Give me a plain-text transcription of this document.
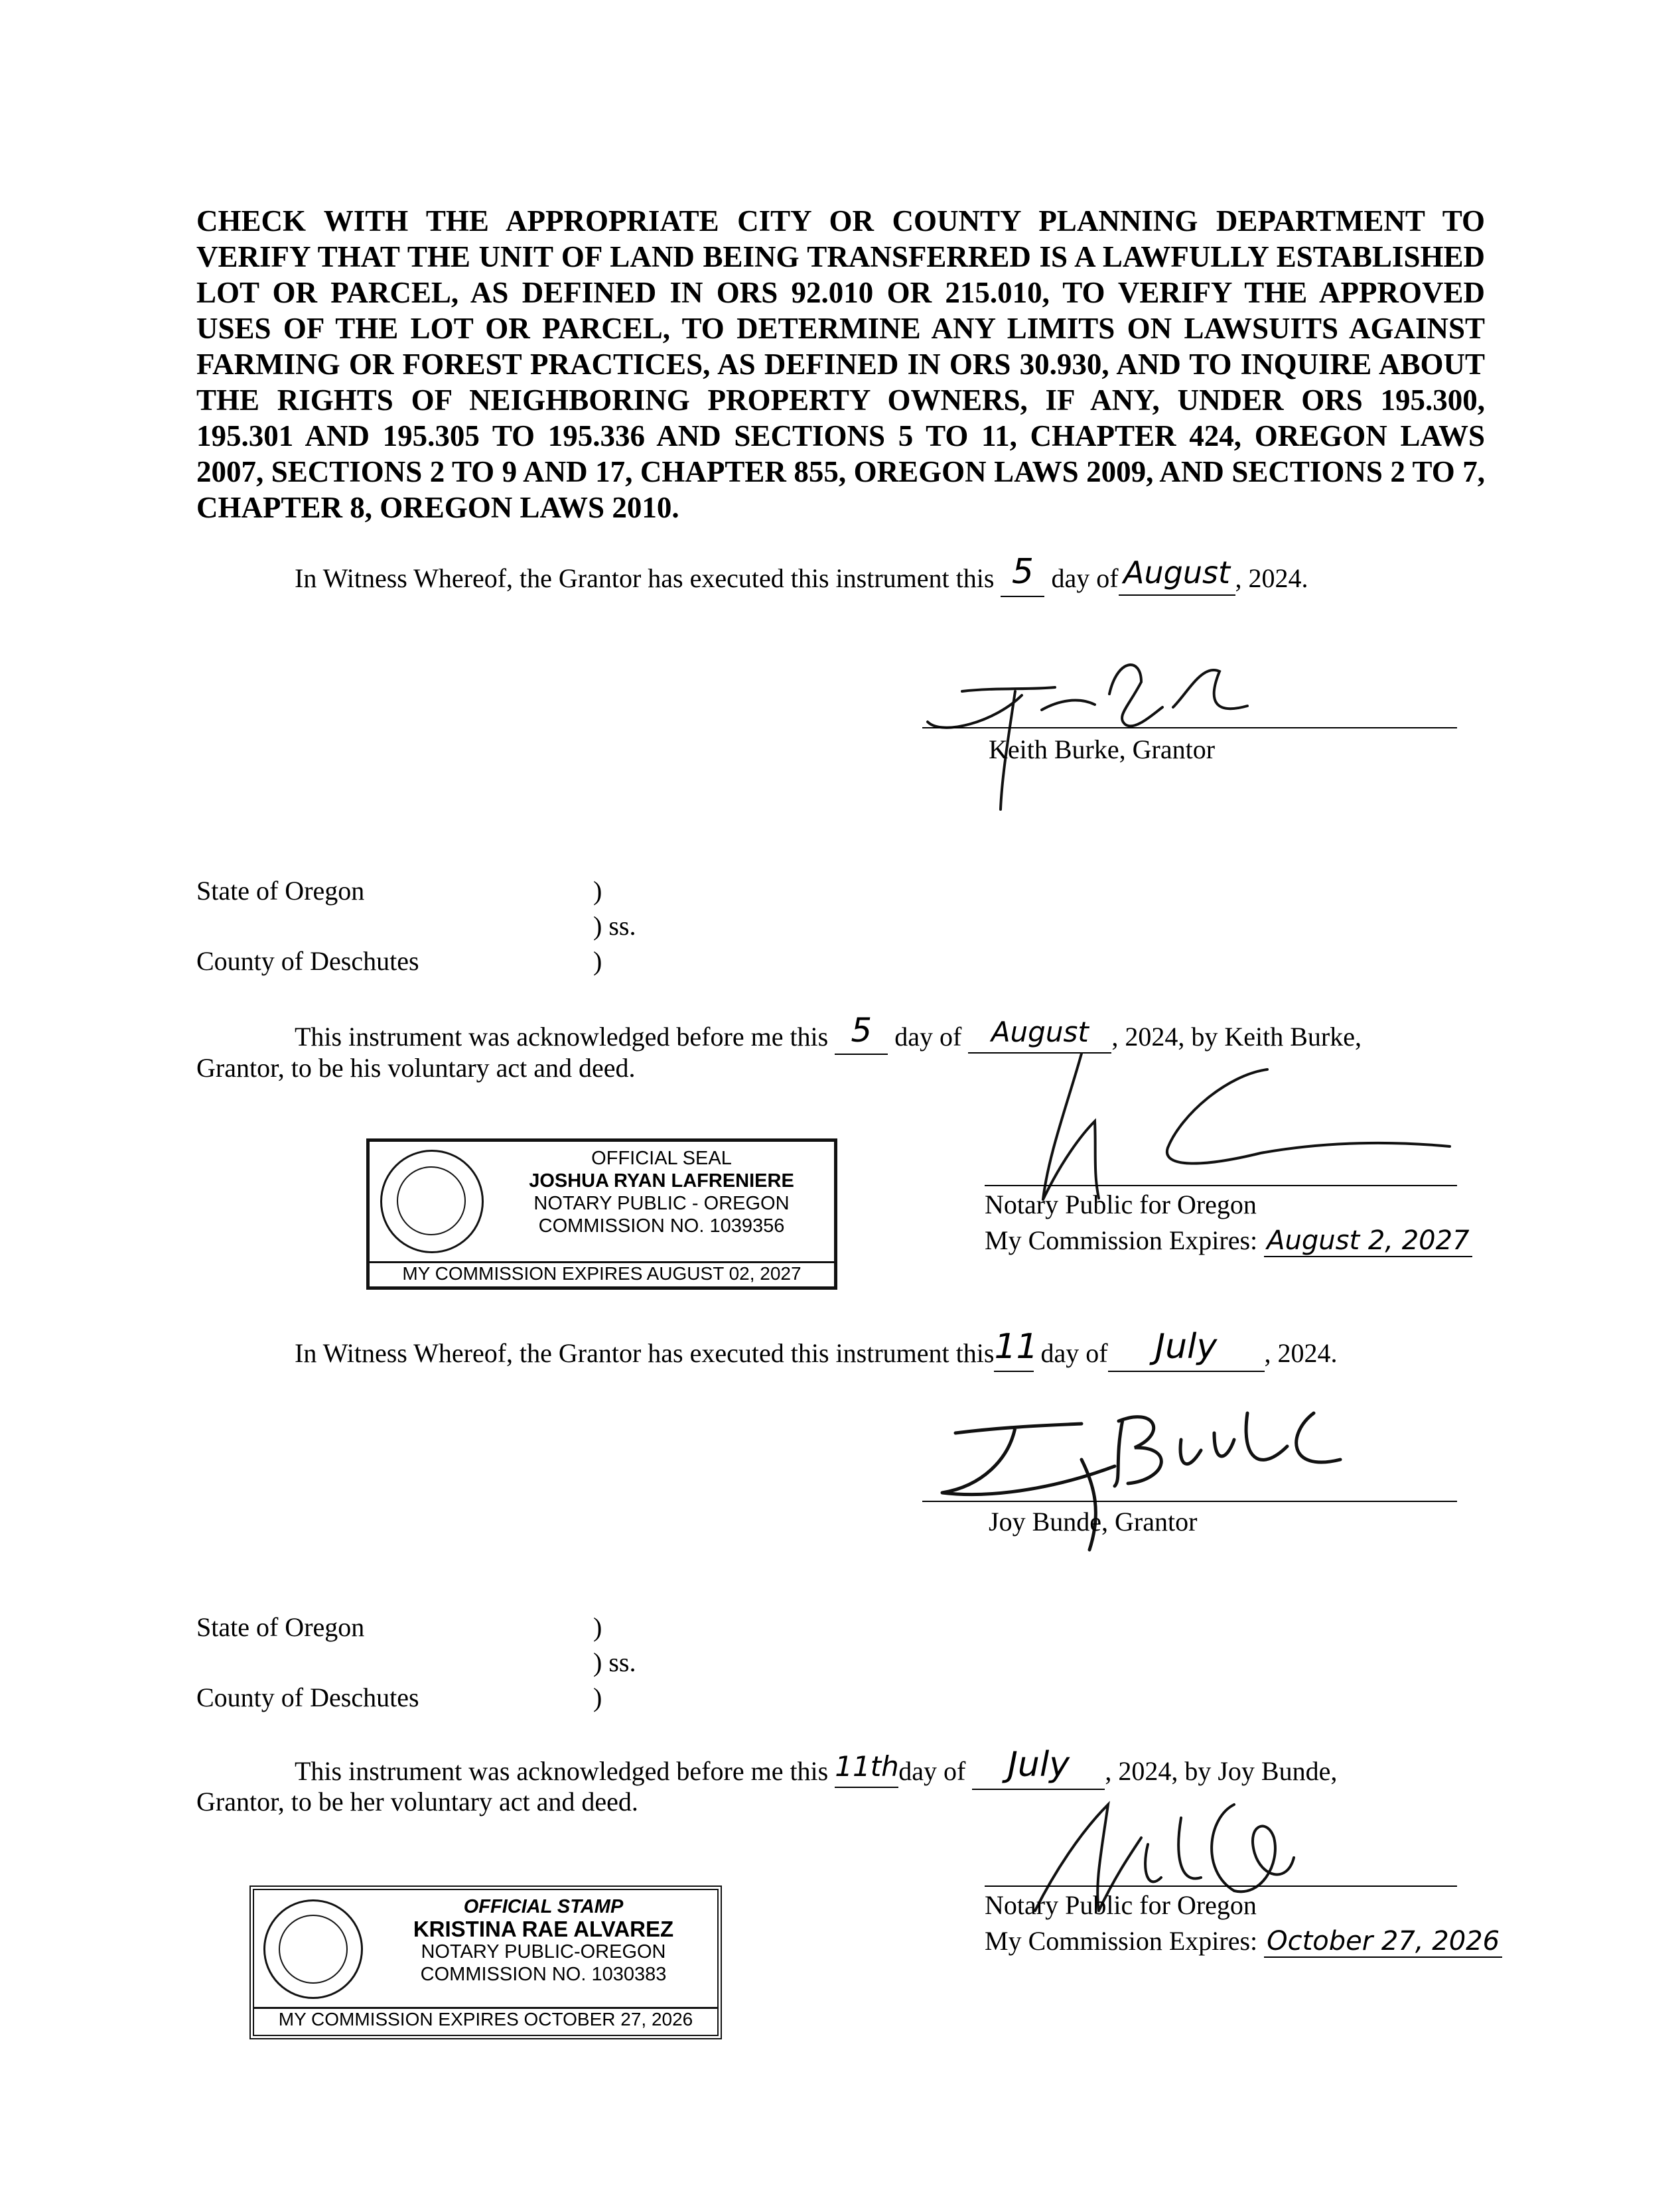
CHECK WITH THE APPROPRIATE CITY OR COUNTY PLANNING DEPARTMENT TO VERIFY THAT THE UNIT OF LAND BEING TRANSFERRED IS A LAWFULLY ESTABLISHED LOT OR PARCEL, AS DEFINED IN ORS 92.010 OR 215.010, TO VERIFY THE APPROVED USES OF THE LOT OR PARCEL, TO DETERMINE ANY LIMITS ON LAWSUITS AGAINST FARMING OR FOREST PRACTICES, AS DEFINED IN ORS 30.930, AND TO INQUIRE ABOUT THE RIGHTS OF NEIGHBORING PROPERTY OWNERS, IF ANY, UNDER ORS 195.300, 195.301 AND 195.305 TO 195.336 AND SECTIONS 5 TO 11, CHAPTER 424, OREGON LAWS 2007, SECTIONS 2 TO 9 AND 17, CHAPTER 855, OREGON LAWS 2009, AND SECTIONS 2 TO 7, CHAPTER 8, OREGON LAWS 2010.
In Witness Whereof, the Grantor has executed this instrument this 5 day of August , 2024.
Keith Burke, Grantor
State of Oregon	)
) ss.
County of Deschutes	)
This instrument was acknowledged before me this 5 day of August , 2024, by Keith Burke,
Grantor, to be his voluntary act and deed.
OFFICIAL SEAL
JOSHUA RYAN LAFRENIERE
NOTARY PUBLIC - OREGON
COMMISSION NO. 1039356
MY COMMISSION EXPIRES AUGUST 02, 2027
Notary Public for Oregon
My Commission Expires: August 2, 2027
In Witness Whereof, the Grantor has executed this instrument this11 day of July , 2024.
Joy Bunde, Grantor
State of Oregon	)
) ss.
County of Deschutes	)
This instrument was acknowledged before me this 11thday of July , 2024, by Joy Bunde,
Grantor, to be her voluntary act and deed.
OFFICIAL STAMP
KRISTINA RAE ALVAREZ
NOTARY PUBLIC-OREGON
COMMISSION NO. 1030383
MY COMMISSION EXPIRES OCTOBER 27, 2026
Notary Public for Oregon
My Commission Expires: October 27, 2026
